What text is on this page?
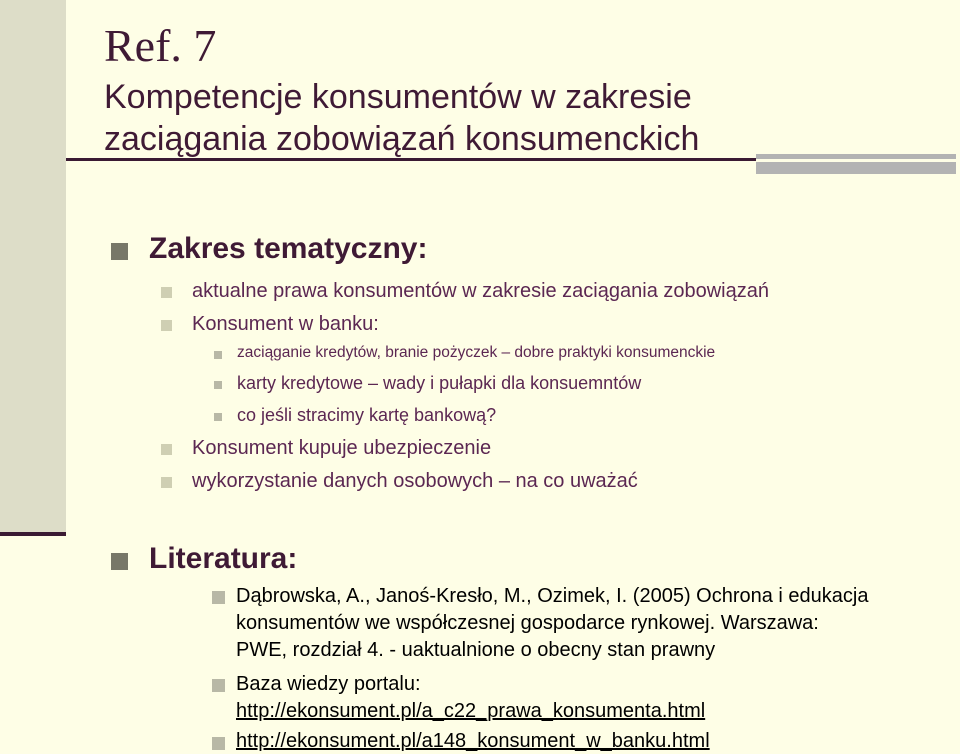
Ref. 7
Kompetencje konsumentów w zakresie
zaciągania zobowiązań konsumenckich
Zakres tematyczny:
aktualne prawa konsumentów w zakresie zaciągania zobowiązań
Konsument w banku:
zaciąganie kredytów, branie pożyczek – dobre praktyki konsumenckie
karty kredytowe – wady i pułapki dla konsuemntów
co jeśli stracimy kartę bankową?
Konsument kupuje ubezpieczenie
wykorzystanie danych osobowych – na co uważać
Literatura:
Dąbrowska, A., Janoś-Kresło, M., Ozimek, I. (2005) Ochrona i edukacja
konsumentów we współczesnej gospodarce rynkowej. Warszawa:
PWE, rozdział 4. - uaktualnione o obecny stan prawny
Baza wiedzy portalu:
http://ekonsument.pl/a_c22_prawa_konsumenta.html
http://ekonsument.pl/a148_konsument_w_banku.html
